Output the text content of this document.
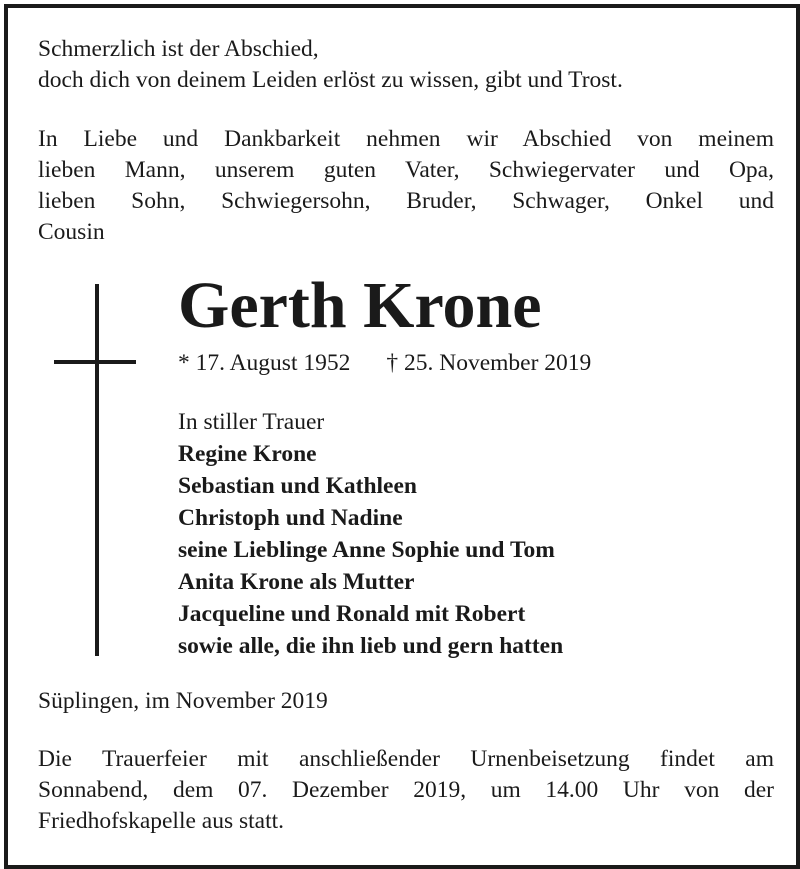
Schmerzlich ist der Abschied,
doch dich von deinem Leiden erlöst zu wissen, gibt und Trost.

In Liebe und Dankbarkeit nehmen wir Abschied von meinem
lieben Mann, unserem guten Vater, Schwiegervater und Opa,
lieben Sohn, Schwiegersohn, Bruder, Schwager, Onkel und
Cousin

Gerth Krone
* 17. August 1952 † 25. November 2019
In stiller Trauer
Regine Krone
Sebastian und Kathleen
Christoph und Nadine
seine Lieblinge Anne Sophie und Tom
Anita Krone als Mutter
Jacqueline und Ronald mit Robert
sowie alle, die ihn lieb und gern hatten

Süplingen, im November 2019

Die Trauerfeier mit anschließender Urnenbeisetzung findet am
Sonnabend, dem 07. Dezember 2019, um 14.00 Uhr von der
Friedhofskapelle aus statt.
